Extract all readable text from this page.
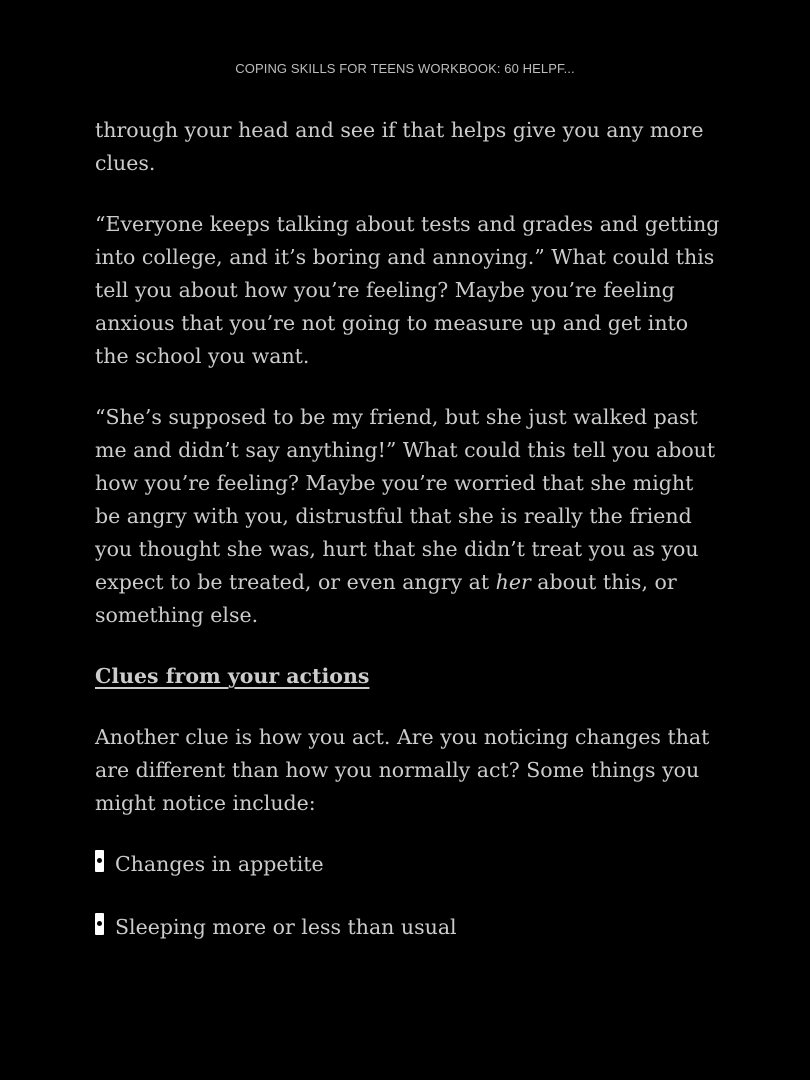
COPING SKILLS FOR TEENS WORKBOOK: 60 HELPF...

through your head and see if that helps give you any more clues.

“Everyone keeps talking about tests and grades and getting into college, and it’s boring and annoying.” What could this tell you about how you’re feeling? Maybe you’re feeling anxious that you’re not going to measure up and get into the school you want.

“She’s supposed to be my friend, but she just walked past me and didn’t say anything!” What could this tell you about how you’re feeling? Maybe you’re worried that she might be angry with you, distrustful that she is really the friend you thought she was, hurt that she didn’t treat you as you expect to be treated, or even angry at her about this, or something else.

Clues from your actions

Another clue is how you act. Are you noticing changes that are different than how you normally act? Some things you might notice include:

Changes in appetite
Sleeping more or less than usual
